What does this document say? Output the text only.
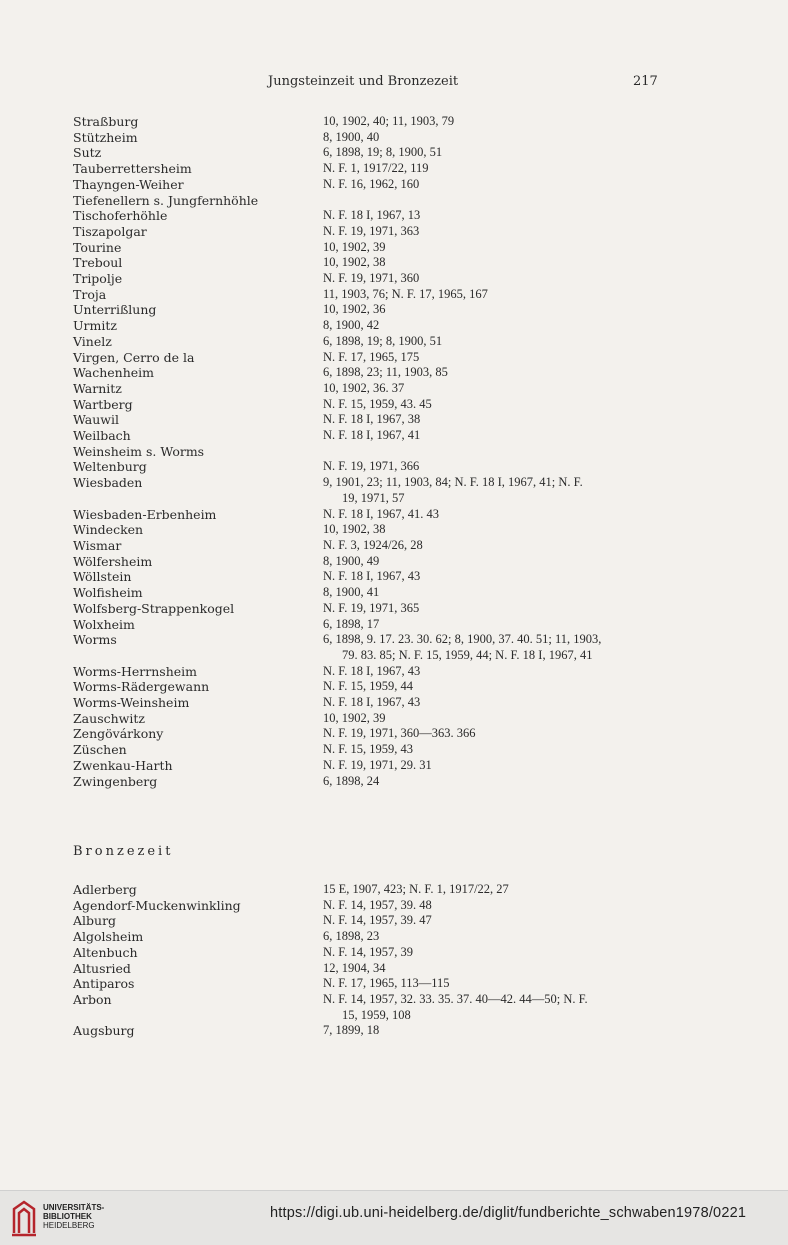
Jungsteinzeit und Bronzezeit	217
Straßburg	10, 1902, 40; 11, 1903, 79
Stützheim	8, 1900, 40
Sutz	6, 1898, 19; 8, 1900, 51
Tauberrettersheim	N. F. 1, 1917/22, 119
Thayngen-Weiher	N. F. 16, 1962, 160
Tiefenellern s. Jungfernhöhle

Tischoferhöhle	N. F. 18 I, 1967, 13
Tiszapolgar	N. F. 19, 1971, 363
Tourine	10, 1902, 39
Treboul	10, 1902, 38
Tripolje	N. F. 19, 1971, 360
Troja	11, 1903, 76; N. F. 17, 1965, 167
Unterrißlung	10, 1902, 36
Urmitz	8, 1900, 42
Vinelz	6, 1898, 19; 8, 1900, 51
Virgen, Cerro de la	N. F. 17, 1965, 175
Wachenheim	6, 1898, 23; 11, 1903, 85
Warnitz	10, 1902, 36. 37
Wartberg	N. F. 15, 1959, 43. 45
Wauwil	N. F. 18 I, 1967, 38
Weilbach	N. F. 18 I, 1967, 41
Weinsheim s. Worms

Weltenburg	N. F. 19, 1971, 366
Wiesbaden	9, 1901, 23; 11, 1903, 84; N. F. 18 I, 1967, 41; N. F.
19, 1971, 57
Wiesbaden-Erbenheim	N. F. 18 I, 1967, 41. 43
Windecken	10, 1902, 38
Wismar	N. F. 3, 1924/26, 28
Wölfersheim	8, 1900, 49
Wöllstein	N. F. 18 I, 1967, 43
Wolfisheim	8, 1900, 41
Wolfsberg-Strappenkogel	N. F. 19, 1971, 365
Wolxheim	6, 1898, 17
Worms	6, 1898, 9. 17. 23. 30. 62; 8, 1900, 37. 40. 51; 11, 1903,
79. 83. 85; N. F. 15, 1959, 44; N. F. 18 I, 1967, 41
Worms-Herrnsheim	N. F. 18 I, 1967, 43
Worms-Rädergewann	N. F. 15, 1959, 44
Worms-Weinsheim	N. F. 18 I, 1967, 43
Zauschwitz	10, 1902, 39
Zengövárkony	N. F. 19, 1971, 360—363. 366
Züschen	N. F. 15, 1959, 43
Zwenkau-Harth	N. F. 19, 1971, 29. 31
Zwingenberg	6, 1898, 24
Bronzezeit
Adlerberg	15 E, 1907, 423; N. F. 1, 1917/22, 27
Agendorf-Muckenwinkling	N. F. 14, 1957, 39. 48
Alburg	N. F. 14, 1957, 39. 47
Algolsheim	6, 1898, 23
Altenbuch	N. F. 14, 1957, 39
Altusried	12, 1904, 34
Antiparos	N. F. 17, 1965, 113—115
Arbon	N. F. 14, 1957, 32. 33. 35. 37. 40—42. 44—50; N. F.
15, 1959, 108
Augsburg	7, 1899, 18
UNIVERSITÄTS-
BIBLIOTHEK
HEIDELBERG
https://digi.ub.uni-heidelberg.de/diglit/fundberichte_schwaben1978/0221
